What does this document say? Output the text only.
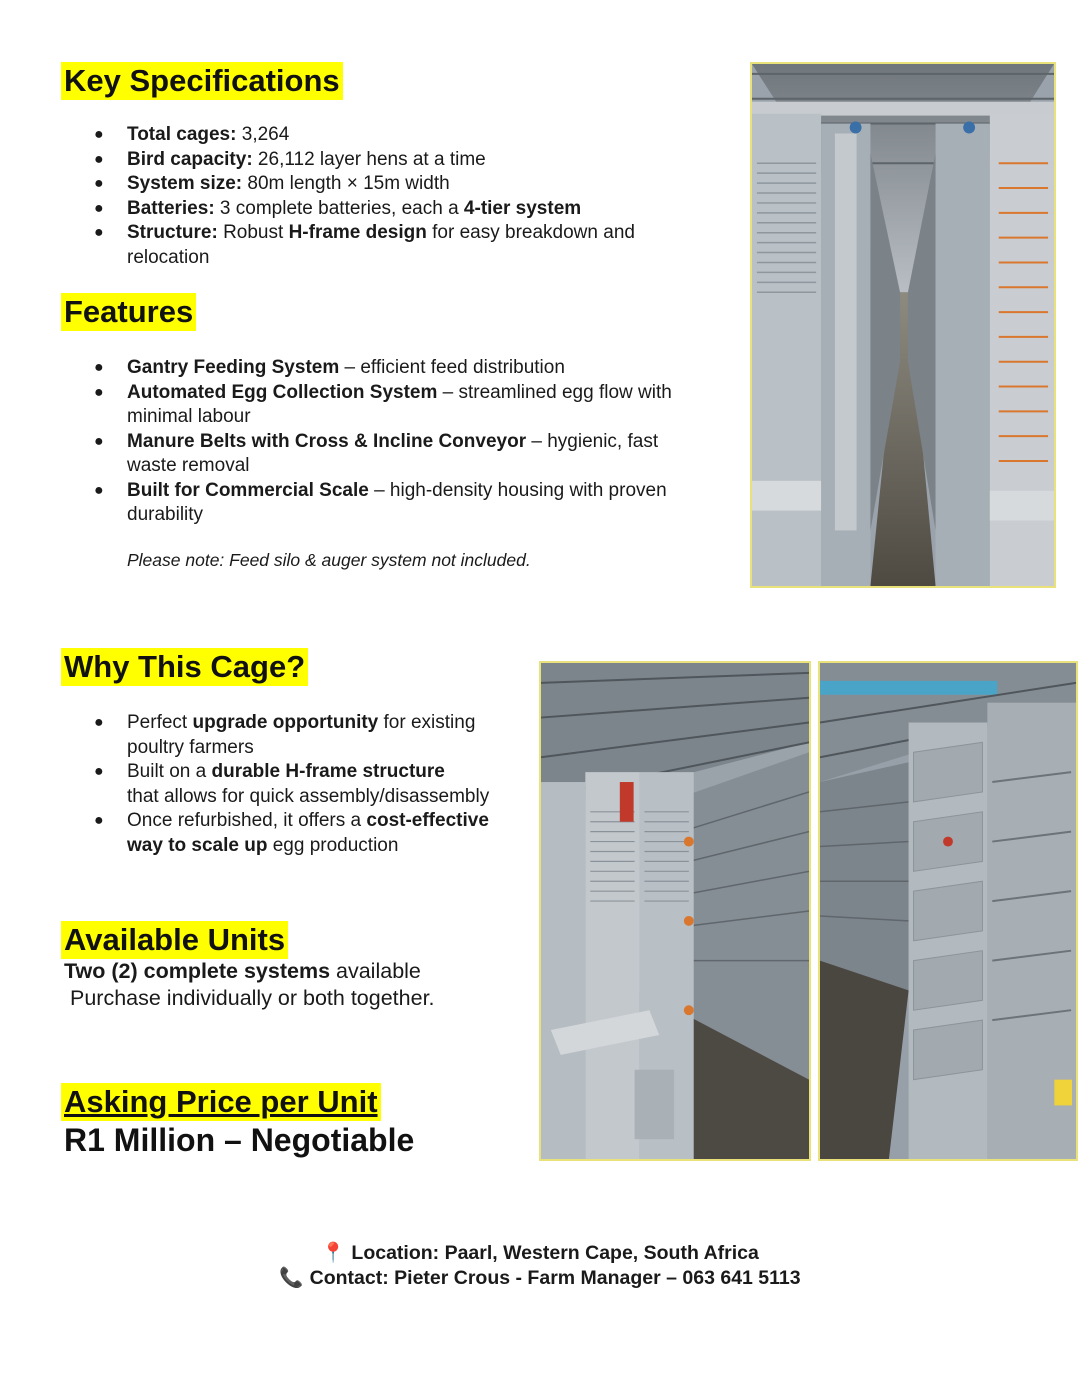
Key Specifications
● Total cages: 3,264
● Bird capacity: 26,112 layer hens at a time
● System size: 80m length × 15m width
● Batteries: 3 complete batteries, each a 4-tier system
● Structure: Robust H-frame design for easy breakdown and
relocation
Features
● Gantry Feeding System – efficient feed distribution
● Automated Egg Collection System – streamlined egg flow with
minimal labour
● Manure Belts with Cross & Incline Conveyor – hygienic, fast
waste removal
● Built for Commercial Scale – high-density housing with proven
durability
Please note: Feed silo & auger system not included.
Why This Cage?
● Perfect upgrade opportunity for existing
poultry farmers
● Built on a durable H-frame structure
that allows for quick assembly/disassembly
● Once refurbished, it offers a cost-effective
way to scale up egg production
Available Units
Two (2) complete systems available
Purchase individually or both together.
Asking Price per Unit
R1 Million – Negotiable
📍 Location: Paarl, Western Cape, South Africa
📞 Contact: Pieter Crous - Farm Manager – 063 641 5113
